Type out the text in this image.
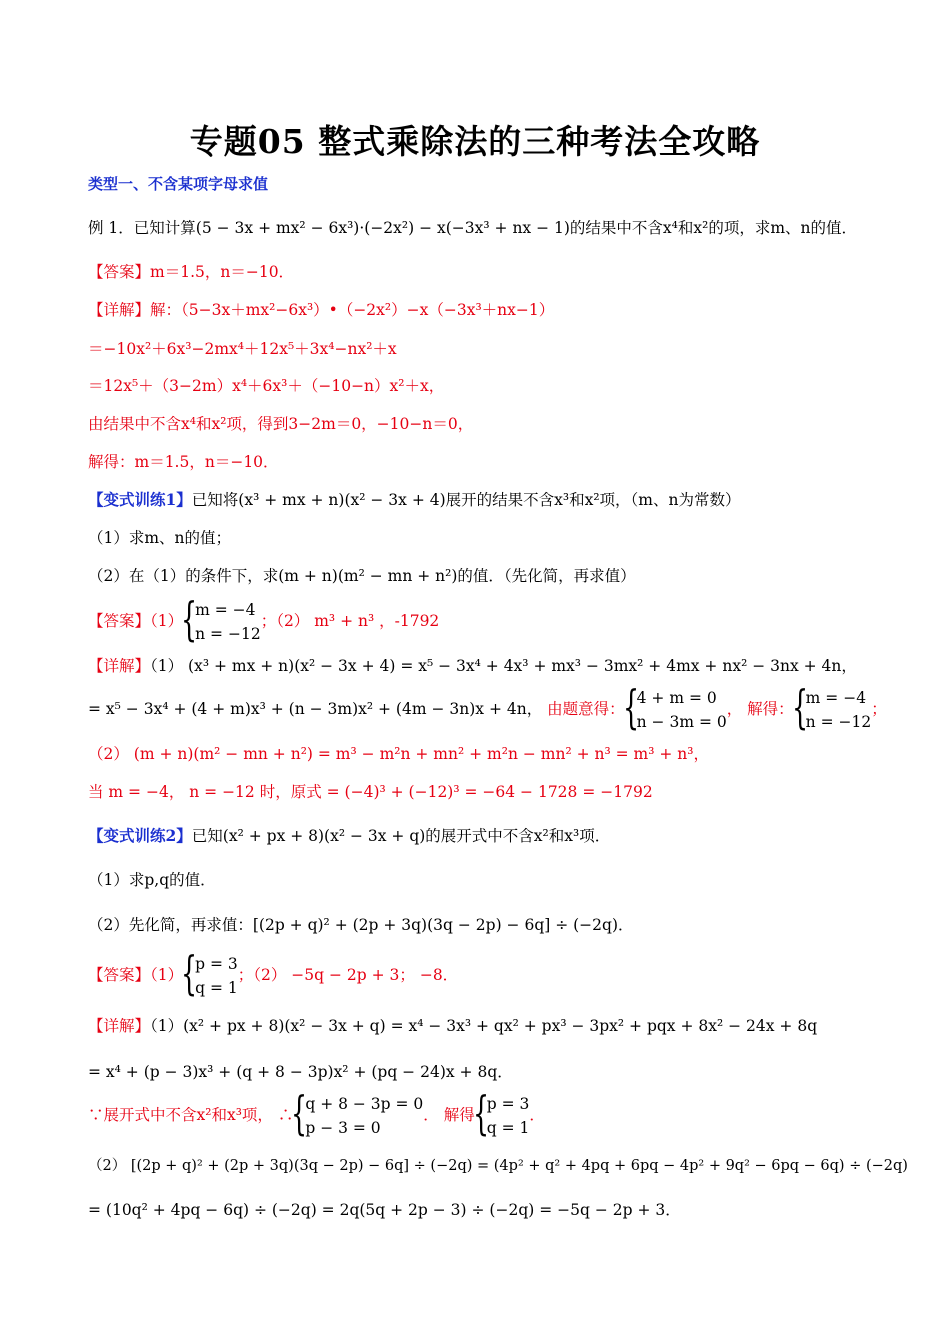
专题05 整式乘除法的三种考法全攻略
类型一、不含某项字母求值
例 1．已知计算(5 − 3x + mx² − 6x³)·(−2x²) − x(−3x³ + nx − 1)的结果中不含x⁴和x²的项，求m、n的值．
【答案】m＝1.5，n＝−10．
【详解】解：（5−3x＋mx²−6x³）•（−2x²）−x（−3x³＋nx−1）
＝−10x²＋6x³−2mx⁴＋12x⁵＋3x⁴−nx²＋x
＝12x⁵＋（3−2m）x⁴＋6x³＋（−10−n）x²＋x，
由结果中不含x⁴和x²项，得到3−2m＝0，−10−n＝0，
解得：m＝1.5，n＝−10．
【变式训练1】已知将(x³ + mx + n)(x² − 3x + 4)展开的结果不含x³和x²项，（m、n为常数）
（1）求m、n的值；
（2）在（1）的条件下，求(m + n)(m² − mn + n²)的值．（先化简，再求值）
【答案】（1）
{ m = −4
n = −12
；（2） m³ + n³ ，-1792
【详解】（1） (x³ + mx + n)(x² − 3x + 4) = x⁵ − 3x⁴ + 4x³ + mx³ − 3mx² + 4mx + nx² − 3nx + 4n，
= x⁵ − 3x⁴ + (4 + m)x³ + (n − 3m)x² + (4m − 3n)x + 4n， 由题意得：
{ 4 + m = 0
n − 3m = 0
， 解得：
{ m = −4
n = −12
；
（2） (m + n)(m² − mn + n²) = m³ − m²n + mn² + m²n − mn² + n³ = m³ + n³，
当 m = −4， n = −12 时，原式 = (−4)³ + (−12)³ = −64 − 1728 = −1792
【变式训练2】已知(x² + px + 8)(x² − 3x + q)的展开式中不含x²和x³项．
（1）求p,q的值．
（2）先化简，再求值：[(2p + q)² + (2p + 3q)(3q − 2p) − 6q] ÷ (−2q)．
【答案】（1）
{ p = 3
q = 1
；（2） −5q − 2p + 3； −8．
【详解】（1）(x² + px + 8)(x² − 3x + q) = x⁴ − 3x³ + qx² + px³ − 3px² + pqx + 8x² − 24x + 8q
= x⁴ + (p − 3)x³ + (q + 8 − 3p)x² + (pq − 24)x + 8q．
∵展开式中不含x²和x³项， ∴
{ q + 8 − 3p = 0
p − 3 = 0
． 解得
{ p = 3
q = 1
．
（2） [(2p + q)² + (2p + 3q)(3q − 2p) − 6q] ÷ (−2q) = (4p² + q² + 4pq + 6pq − 4p² + 9q² − 6pq − 6q) ÷ (−2q)
= (10q² + 4pq − 6q) ÷ (−2q) = 2q(5q + 2p − 3) ÷ (−2q) = −5q − 2p + 3．
